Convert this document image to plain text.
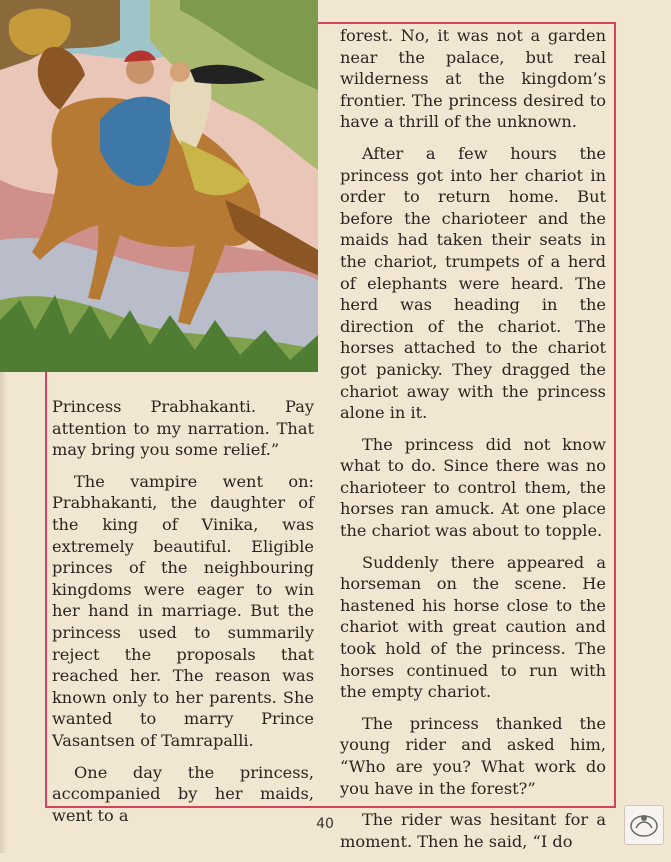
Princess Prabhakanti. Pay attention to my narration. That may bring you some relief.”

The vampire went on: Prabhakanti, the daughter of the king of Vinika, was extremely beautiful. Eligible princes of the neighbouring kingdoms were eager to win her hand in marriage. But the princess used to summarily reject the proposals that reached her. The reason was known only to her parents. She wanted to marry Prince Vasantsen of Tamrapalli.

One day the princess, accompanied by her maids, went to a

forest. No, it was not a garden near the palace, but real wilderness at the kingdom’s frontier. The princess desired to have a thrill of the unknown.

After a few hours the princess got into her chariot in order to return home. But before the charioteer and the maids had taken their seats in the chariot, trumpets of a herd of elephants were heard. The herd was heading in the direction of the chariot. The horses attached to the chariot got panicky. They dragged the chariot away with the princess alone in it.

The princess did not know what to do. Since there was no charioteer to control them, the horses ran amuck. At one place the chariot was about to topple.

Suddenly there appeared a horseman on the scene. He hastened his horse close to the chariot with great caution and took hold of the princess. The horses continued to run with the empty chariot.

The princess thanked the young rider and asked him, “Who are you? What work do you have in the forest?”

The rider was hesitant for a moment. Then he said, “I do

40
